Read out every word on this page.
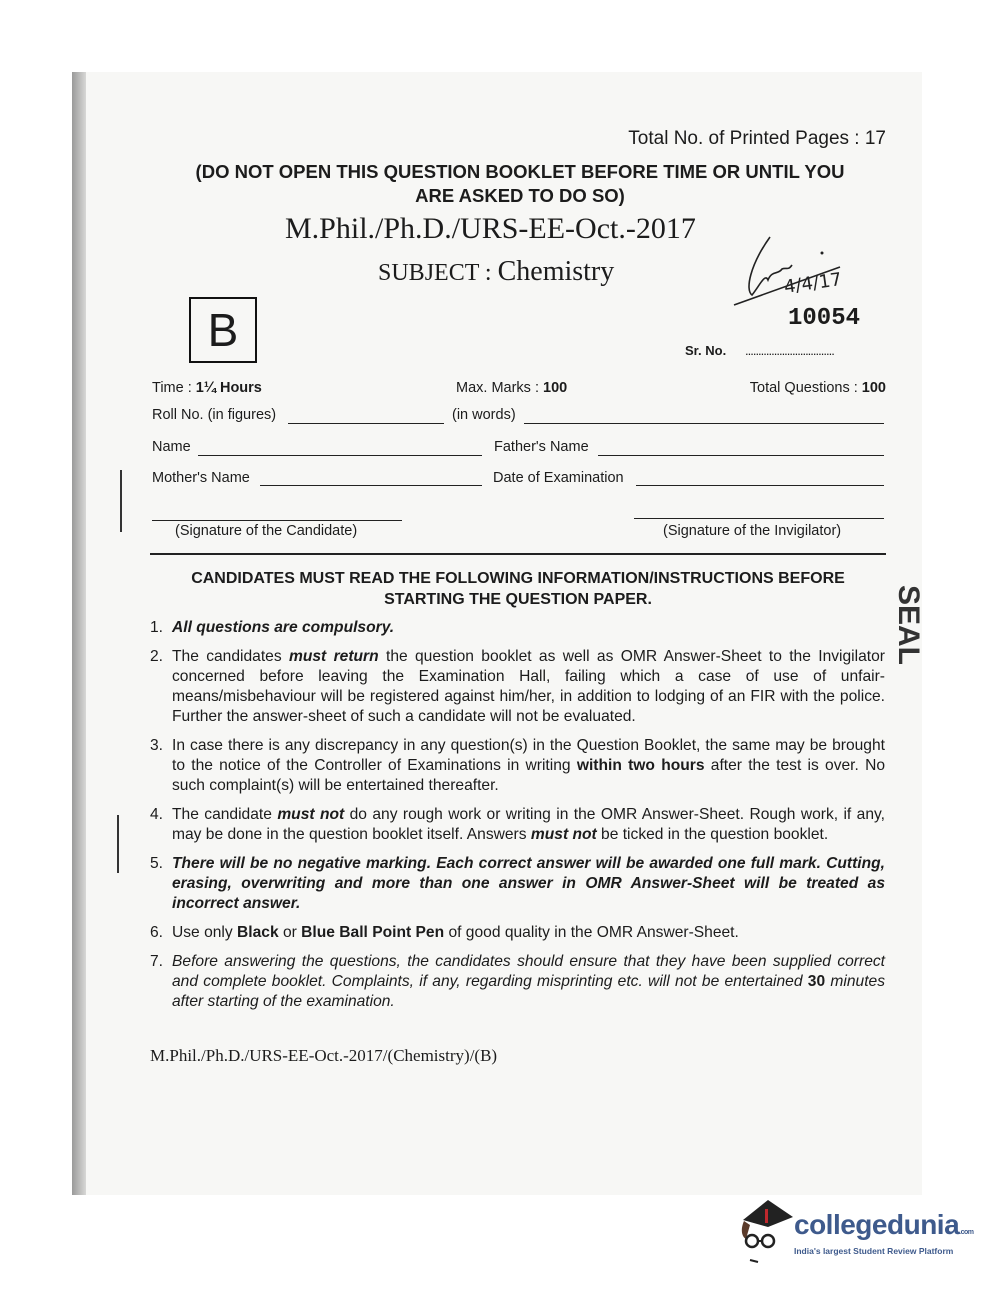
Total No. of Printed Pages : 17
(DO NOT OPEN THIS QUESTION BOOKLET BEFORE TIME OR UNTIL YOU
ARE ASKED TO DO SO)
M.Phil./Ph.D./URS-EE-Oct.-2017
SUBJECT : Chemistry
B
4/4/17
10054
Sr. No. ..................................
Time : 1¼ Hours	Max. Marks : 100	Total Questions : 100
Roll No. (in figures)	(in words)
Name	Father's Name
Mother's Name	Date of Examination
(Signature of the Candidate)	(Signature of the Invigilator)
CANDIDATES MUST READ THE FOLLOWING INFORMATION/INSTRUCTIONS BEFORE
STARTING THE QUESTION PAPER.
1. All questions are compulsory.
2. The candidates must return the question booklet as well as OMR Answer-Sheet to the Invigilator concerned before leaving the Examination Hall, failing which a case of use of unfair-means/misbehaviour will be registered against him/her, in addition to lodging of an FIR with the police. Further the answer-sheet of such a candidate will not be evaluated.
3. In case there is any discrepancy in any question(s) in the Question Booklet, the same may be brought to the notice of the Controller of Examinations in writing within two hours after the test is over. No such complaint(s) will be entertained thereafter.
4. The candidate must not do any rough work or writing in the OMR Answer-Sheet. Rough work, if any, may be done in the question booklet itself. Answers must not be ticked in the question booklet.
5. There will be no negative marking. Each correct answer will be awarded one full mark. Cutting, erasing, overwriting and more than one answer in OMR Answer-Sheet will be treated as incorrect answer.
6. Use only Black or Blue Ball Point Pen of good quality in the OMR Answer-Sheet.
7. Before answering the questions, the candidates should ensure that they have been supplied correct and complete booklet. Complaints, if any, regarding misprinting etc. will not be entertained 30 minutes after starting of the examination.
M.Phil./Ph.D./URS-EE-Oct.-2017/(Chemistry)/(B)
SEAL
collegedunia.com
India's largest Student Review Platform
